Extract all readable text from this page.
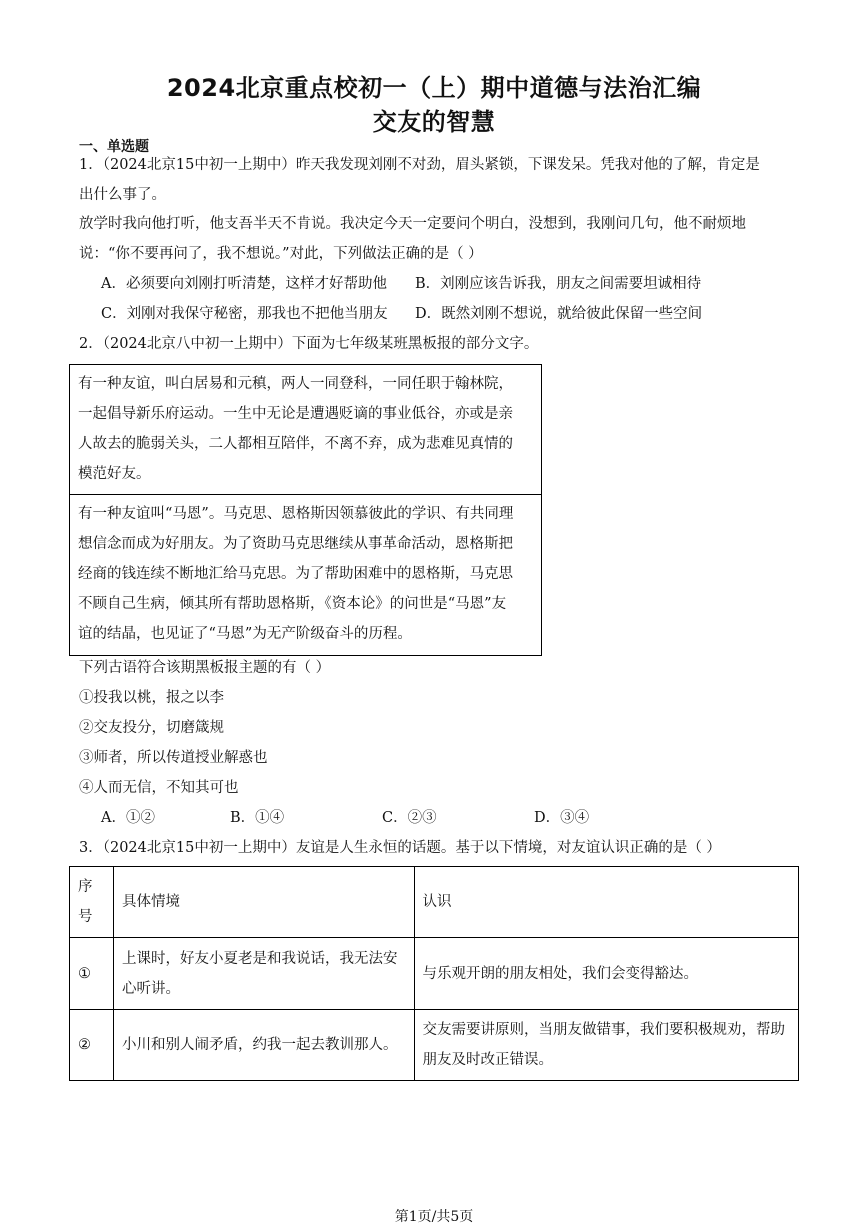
2024北京重点校初一（上）期中道德与法治汇编
交友的智慧
一、单选题
1．（2024北京15中初一上期中）昨天我发现刘刚不对劲，眉头紧锁，下课发呆。凭我对他的了解，肯定是
出什么事了。
放学时我向他打听，他支吾半天不肯说。我决定今天一定要问个明白，没想到，我刚问几句，他不耐烦地
说：“你不要再问了，我不想说。”对此，下列做法正确的是（ ）
A．必须要向刘刚打听清楚，这样才好帮助他 B．刘刚应该告诉我，朋友之间需要坦诚相待
C．刘刚对我保守秘密，那我也不把他当朋友 D．既然刘刚不想说，就给彼此保留一些空间
2．（2024北京八中初一上期中）下面为七年级某班黑板报的部分文字。
有一种友谊，叫白居易和元稹，两人一同登科，一同任职于翰林院，
一起倡导新乐府运动。一生中无论是遭遇贬谪的事业低谷，亦或是亲
人故去的脆弱关头，二人都相互陪伴，不离不弃，成为悲难见真情的
模范好友。
有一种友谊叫“马恩”。马克思、恩格斯因领慕彼此的学识、有共同理
想信念而成为好朋友。为了资助马克思继续从事革命活动，恩格斯把
经商的钱连续不断地汇给马克思。为了帮助困难中的恩格斯，马克思
不顾自己生病，倾其所有帮助恩格斯，《资本论》的问世是“马恩”友
谊的结晶，也见证了“马恩”为无产阶级奋斗的历程。
下列古语符合该期黑板报主题的有（ ）
①投我以桃，报之以李
②交友投分，切磨箴规
③师者，所以传道授业解惑也
④人而无信，不知其可也
A．①②	B．①④	C．②③	D．③④
3．（2024北京15中初一上期中）友谊是人生永恒的话题。基于以下情境，对友谊认识正确的是（ ）
序号	具体情境	认识
①	上课时，好友小夏老是和我说话，我无法安心听讲。	与乐观开朗的朋友相处，我们会变得豁达。
②	小川和别人闹矛盾，约我一起去教训那人。	交友需要讲原则，当朋友做错事，我们要积极规劝，帮助朋友及时改正错误。
第1页/共5页
